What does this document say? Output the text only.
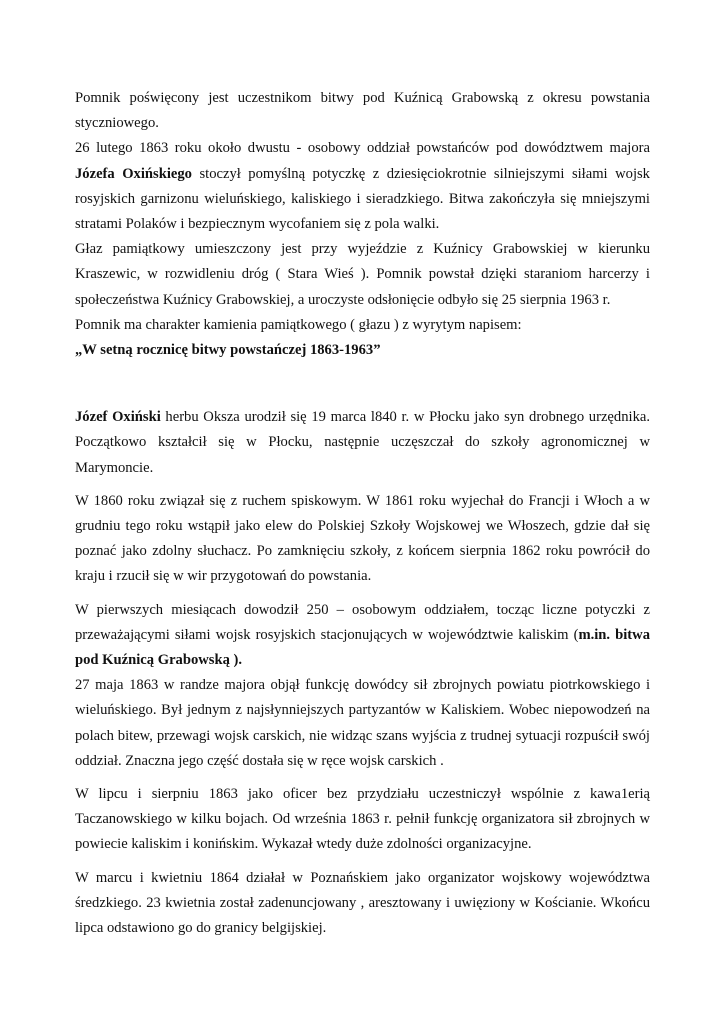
Pomnik poświęcony jest uczestnikom bitwy pod Kuźnicą Grabowską z okresu powstania styczniowego.

26 lutego 1863 roku około dwustu - osobowy oddział powstańców pod dowództwem majora Józefa Oxińskiego stoczył pomyślną potyczkę z dziesięciokrotnie silniejszymi siłami wojsk rosyjskich garnizonu wieluńskiego, kaliskiego i sieradzkiego. Bitwa zakończyła się mniejszymi stratami Polaków i bezpiecznym wycofaniem się z pola walki.

Głaz pamiątkowy umieszczony jest przy wyjeździe z Kuźnicy Grabowskiej w kierunku Kraszewic, w rozwidleniu dróg ( Stara Wieś ). Pomnik powstał dzięki staraniom harcerzy i społeczeństwa Kuźnicy Grabowskiej, a uroczyste odsłonięcie odbyło się 25 sierpnia 1963 r.

Pomnik ma charakter kamienia pamiątkowego ( głazu ) z wyrytym napisem:

„W setną rocznicę bitwy powstańczej 1863-1963”

Józef Oxiński herbu Oksza urodził się 19 marca l840 r. w Płocku jako syn drobnego urzędnika. Początkowo kształcił się w Płocku, następnie uczęszczał do szkoły agronomicznej w Marymoncie.

W 1860 roku związał się z ruchem spiskowym. W 1861 roku wyjechał do Francji i Włoch a w grudniu tego roku wstąpił jako elew do Polskiej Szkoły Wojskowej we Włoszech, gdzie dał się poznać jako zdolny słuchacz. Po zamknięciu szkoły, z końcem sierpnia 1862 roku powrócił do kraju i rzucił się w wir przygotowań do powstania.

W pierwszych miesiącach dowodził 250 – osobowym oddziałem, tocząc liczne potyczki z przeważającymi siłami wojsk rosyjskich stacjonujących w województwie kaliskim (m.in. bitwa pod Kuźnicą Grabowską ).

27 maja 1863 w randze majora objął funkcję dowódcy sił zbrojnych powiatu piotrkowskiego i wieluńskiego. Był jednym z najsłynniejszych partyzantów w Kaliskiem. Wobec niepowodzeń na polach bitew, przewagi wojsk carskich, nie widząc szans wyjścia z trudnej sytuacji rozpuścił swój oddział. Znaczna jego część dostała się w ręce wojsk carskich .

W lipcu i sierpniu 1863 jako oficer bez przydziału uczestniczył wspólnie z kawa1erią Taczanowskiego w kilku bojach. Od września 1863 r. pełnił funkcję organizatora sił zbrojnych w powiecie kaliskim i konińskim. Wykazał wtedy duże zdolności organizacyjne.

W marcu i kwietniu 1864 działał w Poznańskiem jako organizator wojskowy województwa średzkiego. 23 kwietnia został zadenuncjowany , aresztowany i uwięziony w Kościanie. Wkońcu lipca odstawiono go do granicy belgijskiej.
